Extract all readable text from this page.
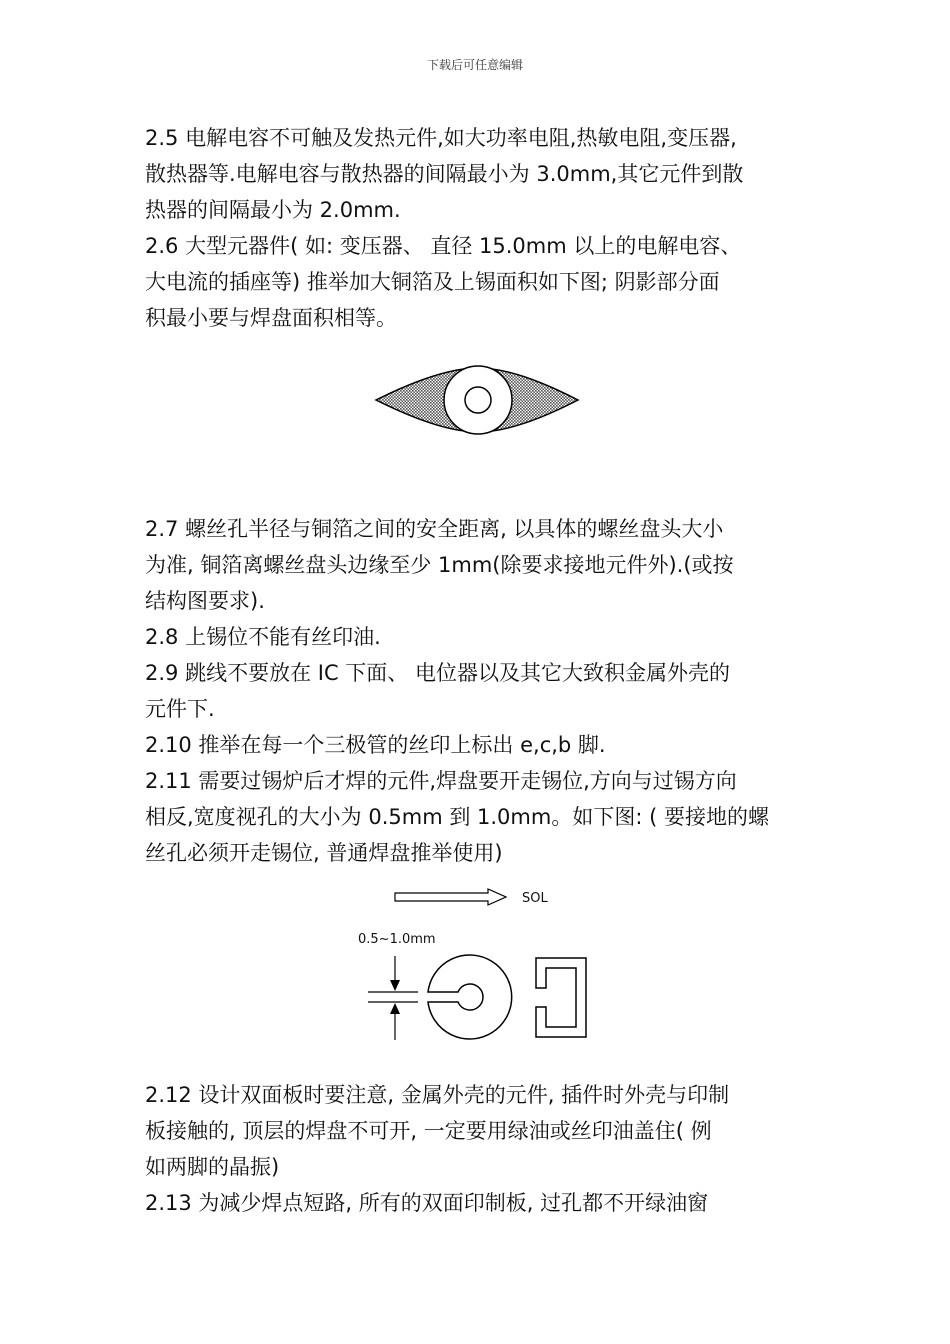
下载后可任意编辑
2.5 电解电容不可触及发热元件,如大功率电阻,热敏电阻,变压器,
散热器等.电解电容与散热器的间隔最小为 3.0mm,其它元件到散
热器的间隔最小为 2.0mm.
2.6 大型元器件( 如: 变压器、 直径 15.0mm 以上的电解电容、
大电流的插座等) 推举加大铜箔及上锡面积如下图; 阴影部分面
积最小要与焊盘面积相等。
2.7 螺丝孔半径与铜箔之间的安全距离, 以具体的螺丝盘头大小
为准, 铜箔离螺丝盘头边缘至少 1mm(除要求接地元件外).(或按
结构图要求).
2.8 上锡位不能有丝印油.
2.9 跳线不要放在 IC 下面、 电位器以及其它大致积金属外壳的
元件下.
2.10 推举在每一个三极管的丝印上标出 e,c,b 脚.
2.11 需要过锡炉后才焊的元件,焊盘要开走锡位,方向与过锡方向
相反,宽度视孔的大小为 0.5mm 到 1.0mm。如下图: ( 要接地的螺
丝孔必须开走锡位, 普通焊盘推举使用)
SOL
0.5~1.0mm
2.12 设计双面板时要注意, 金属外壳的元件, 插件时外壳与印制
板接触的, 顶层的焊盘不可开, 一定要用绿油或丝印油盖住( 例
如两脚的晶振)
2.13 为减少焊点短路, 所有的双面印制板, 过孔都不开绿油窗
